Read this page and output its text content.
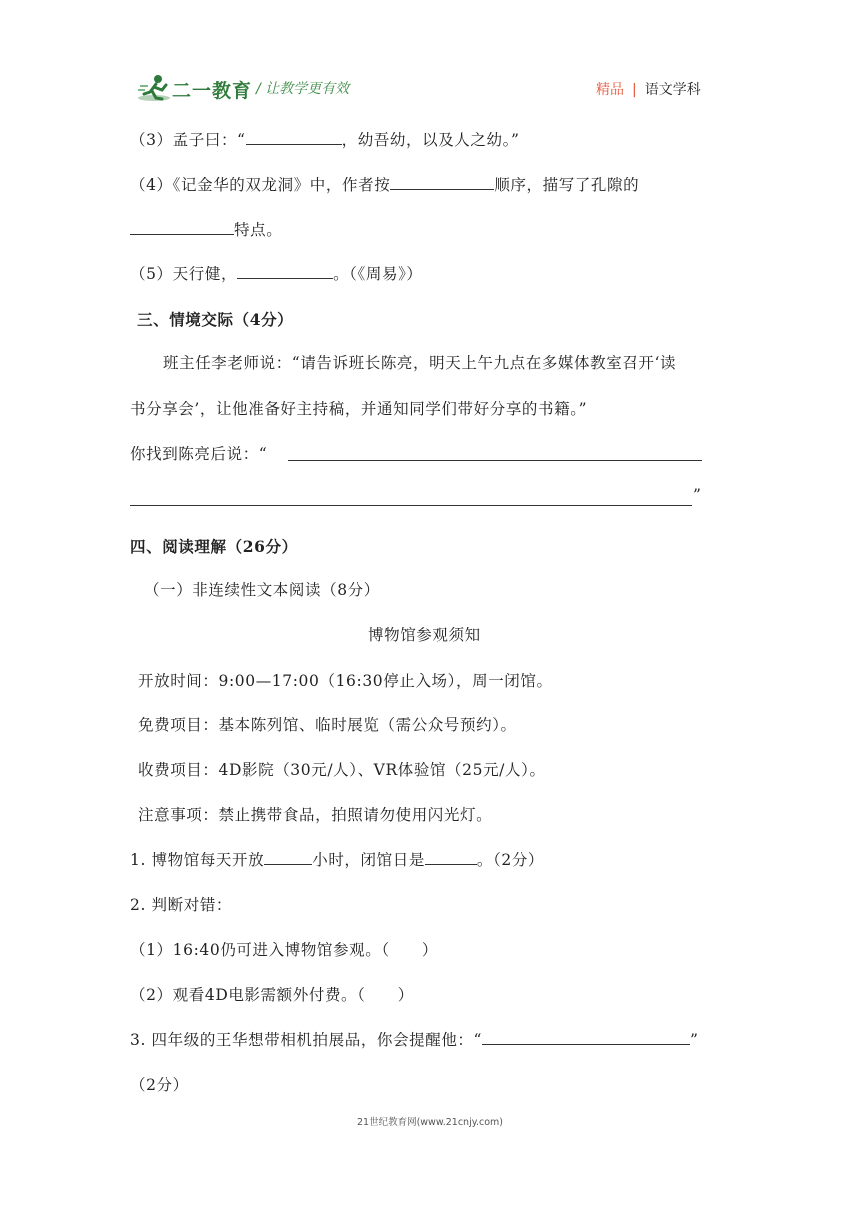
二一教育 / 让教学更有效	精品 | 语文学科
（3）孟子曰：“	，幼吾幼，以及人之幼。”
（4）《记金华的双龙洞》中，作者按	顺序，描写了孔隙的
特点。
（5）天行健，	。（《周易》）
三、情境交际（4分）
班主任李老师说：“请告诉班长陈亮，明天上午九点在多媒体教室召开‘读
书分享会’，让他准备好主持稿，并通知同学们带好分享的书籍。”
你找到陈亮后说：“
”
四、阅读理解（26分）
（一）非连续性文本阅读（8分）
博物馆参观须知
开放时间：9:00—17:00（16:30停止入场），周一闭馆。
免费项目：基本陈列馆、临时展览（需公众号预约）。
收费项目：4D影院（30元/人）、VR体验馆（25元/人）。
注意事项：禁止携带食品，拍照请勿使用闪光灯。
1. 博物馆每天开放	小时，闭馆日是	。（2分）
2. 判断对错：
（1）16:40仍可进入博物馆参观。（　　）
（2）观看4D电影需额外付费。（　　）
3. 四年级的王华想带相机拍展品，你会提醒他：“	”
（2分）
21世纪教育网(www.21cnjy.com)
